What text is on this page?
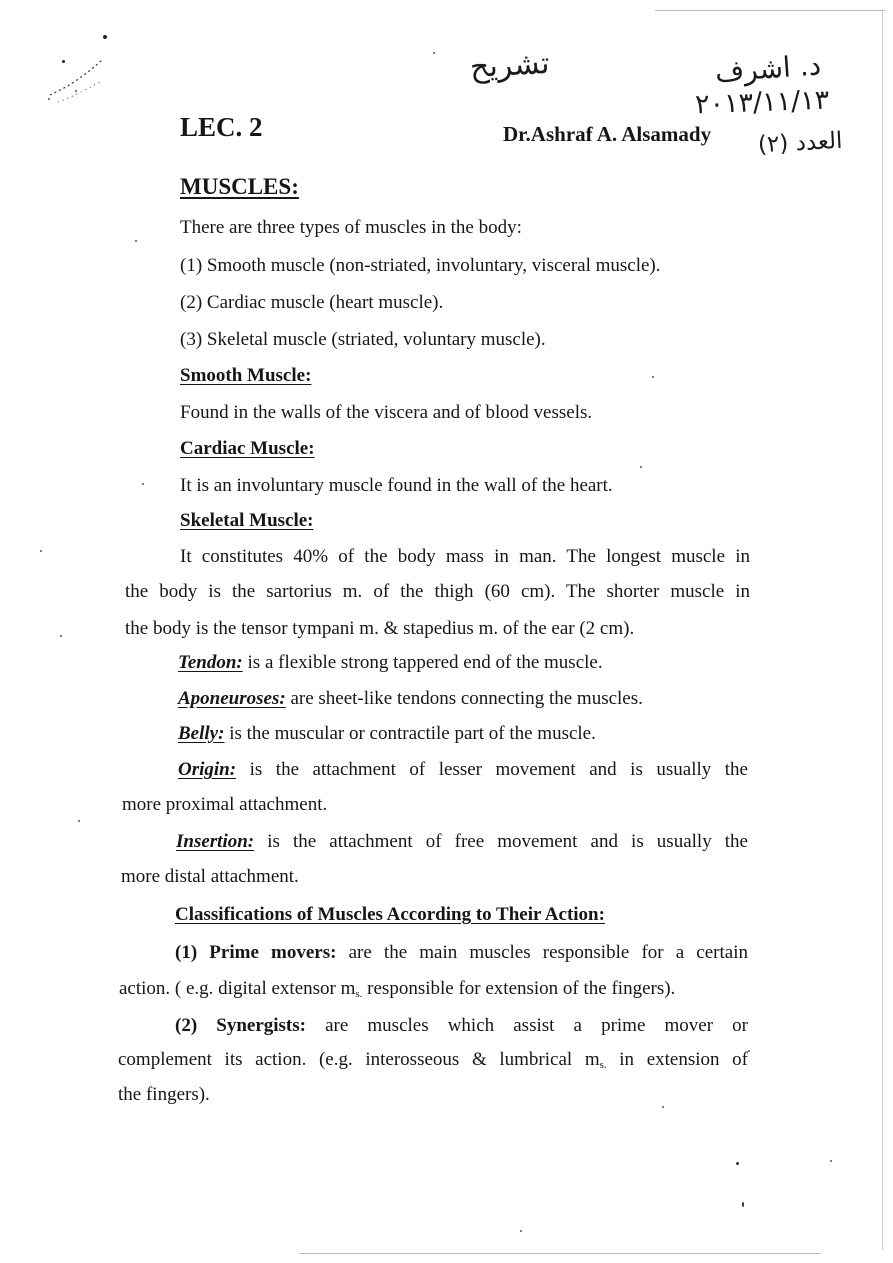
تشريح	د. اشرف
٢٠١٣/١١/١٣
العدد (٢)
LEC. 2	Dr.Ashraf A. Alsamady
MUSCLES:
There are three types of muscles in the body:
(1) Smooth muscle (non-striated, involuntary, visceral muscle).
(2) Cardiac muscle (heart muscle).
(3) Skeletal muscle (striated, voluntary muscle).
Smooth Muscle:
Found in the walls of the viscera and of blood vessels.
Cardiac Muscle:
It is an involuntary muscle found in the wall of the heart.
Skeletal Muscle:
It constitutes 40% of the body mass in man. The longest muscle in
the body is the sartorius m. of the thigh (60 cm). The shorter muscle in
the body is the tensor tympani m. & stapedius m. of the ear (2 cm).
Tendon: is a flexible strong tappered end of the muscle.
Aponeuroses: are sheet-like tendons connecting the muscles.
Belly: is the muscular or contractile part of the muscle.
Origin: is the attachment of lesser movement and is usually the
more proximal attachment.
Insertion: is the attachment of free movement and is usually the
more distal attachment.
Classifications of Muscles According to Their Action:
(1) Prime movers: are the main muscles responsible for a certain
action. ( e.g. digital extensor $m_{s.}$ responsible for extension of the fingers).
(2) Synergists: are muscles which assist a prime mover or
complement its action. (e.g. interosseous & lumbrical $m_{s.}$ in extension of
the fingers).
